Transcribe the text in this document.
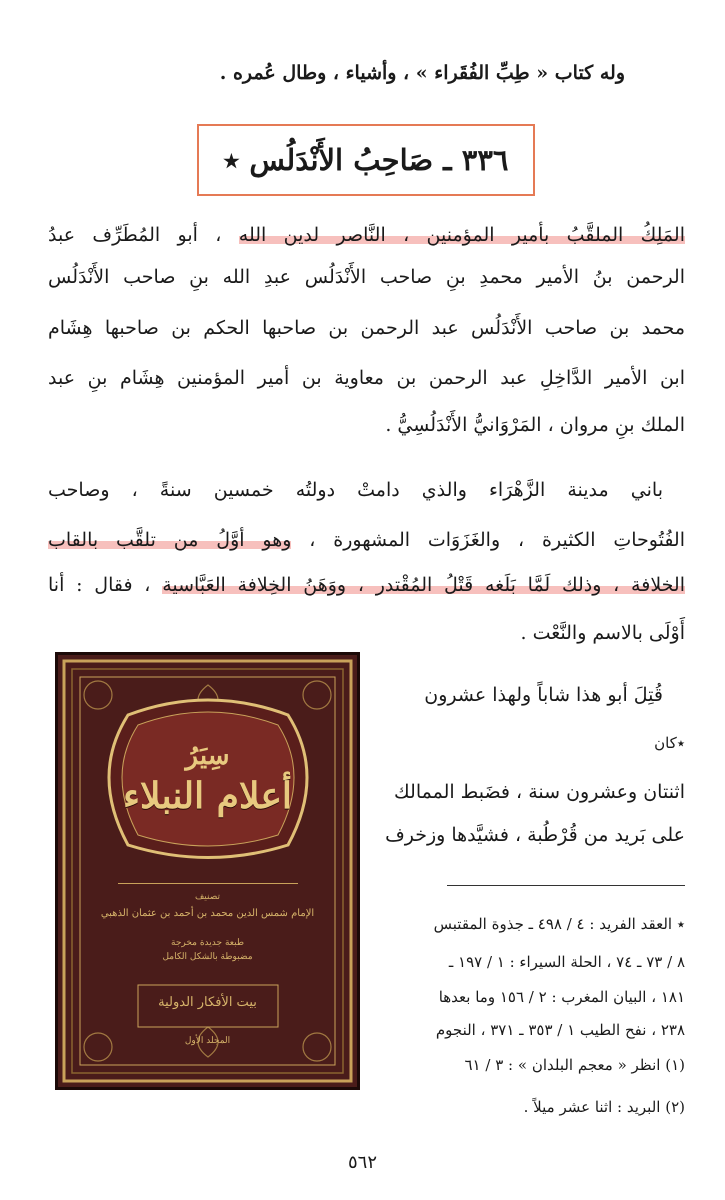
وله كتاب « طِبِّ الفُقَراء » ، وأشياء ، وطال عُمره .
٣٣٦ ـ صَاحِبُ الأَنْدَلُس ٭
المَلِكُ الملقَّبُ بأمير المؤمنين ، النَّاصر لدين الله ، أبو المُطَرِّف عبدُ
الرحمن بنُ الأمير محمدِ بنِ صاحب الأَنْدَلُس عبدِ الله بنِ صاحب الأَنْدَلُس
محمد بن صاحب الأَنْدَلُس عبد الرحمن بن صاحبها الحكم بن صاحبها هِشَام
ابن الأمير الدَّاخِلِ عبد الرحمن بن معاوية بن أمير المؤمنين هِشَام بنِ عبد
الملك بنِ مروان ، المَرْوَانيُّ الأَنْدَلُسِيُّ .
باني مدينة الزَّهْرَاء والذي دامتْ دولتُه خمسين سنةً ، وصاحب
الفُتُوحاتِ الكثيرة ، والغَزَوَات المشهورة ، وهو أوَّلُ من تلقَّب بالقاب
الخلافة ، وذلك لَمَّا بَلَغه قَتْلُ المُقْتدر ، ووَهَنُ الخِلافة العَبَّاسية ، فقال : أنا
أَوْلَى بالاسم والنَّعْت .
قُتِلَ أبو هذا شاباً ولهذا عشرون
٭كان
اثنتان وعشرون سنة ، فضَبط الممالك
على بَريد من قُرْطُبة ، فشيَّدها وزخرف
٭ العقد الفريد : ٤ / ٤٩٨ ـ جذوة المقتبس
٨ / ٧٣ ـ ٧٤ ، الحلة السيراء : ١ / ١٩٧ ـ
١٨١ ، البيان المغرب : ٢ / ١٥٦ وما بعدها
٢٣٨ ، نفح الطيب ١ / ٣٥٣ ـ ٣٧١ ، النجوم
(١) انظر « معجم البلدان » : ٣ / ٦١
(٢) البريد : اثنا عشر ميلاً .
٥٦٢
سِيَرُ
أعلام النبلاء
تصنيف
الإمام شمس الدين محمد بن أحمد بن عثمان الذهبي
طبعة جديدة مخرجة
مضبوطة بالشكل الكامل
بيت الأفكار الدولية
المجلد الأول
